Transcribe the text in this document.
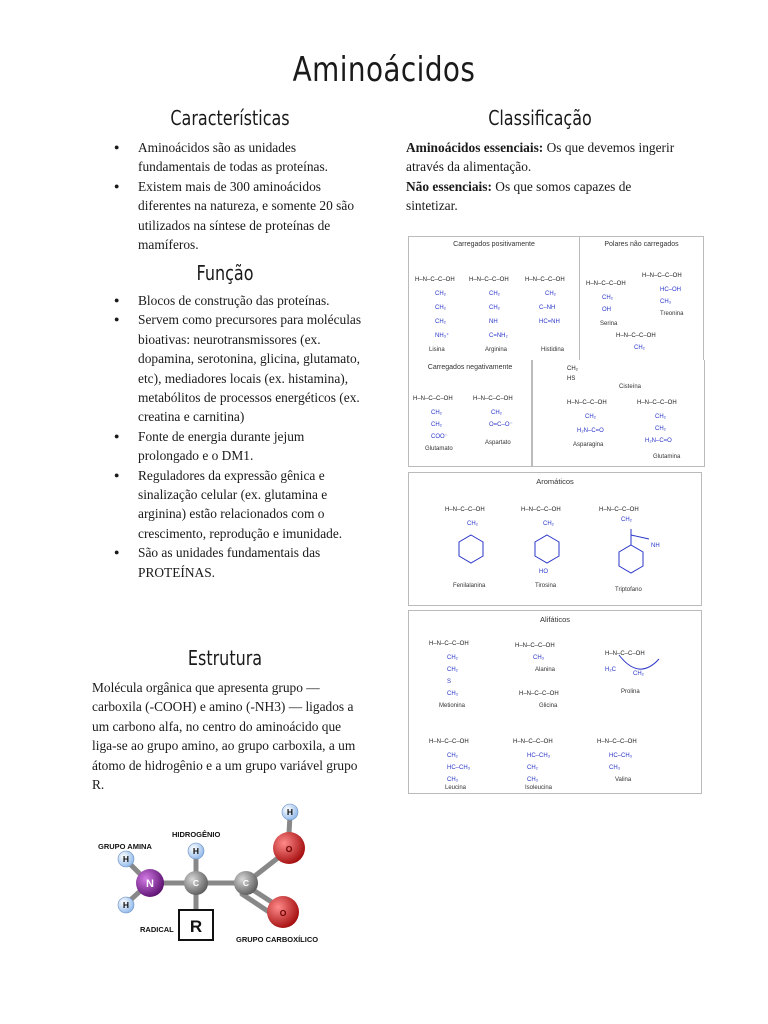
Aminoácidos
Características
● Aminoácidos são as unidades fundamentais de todas as proteínas.
● Existem mais de 300 aminoácidos diferentes na natureza, e somente 20 são utilizados na síntese de proteínas de mamíferos.
Função
● Blocos de construção das proteínas.
● Servem como precursores para moléculas bioativas: neurotransmissores (ex. dopamina, serotonina, glicina, glutamato, etc), mediadores locais (ex. histamina), metabólitos de processos energéticos (ex. creatina e carnitina)
● Fonte de energia durante jejum prolongado e o DM1.
● Reguladores da expressão gênica e sinalização celular (ex. glutamina e arginina) estão relacionados com o crescimento, reprodução e imunidade.
● São as unidades fundamentais das PROTEÍNAS.
Estrutura
Molécula orgânica que apresenta grupo — carboxila (-COOH) e amino (-NH3) — ligados a um carbono alfa, no centro do aminoácido que liga-se ao grupo amino, ao grupo carboxila, a um átomo de hidrogênio e a um grupo variável grupo R.
H
H
N
H
C
R
C
O
O
H
GRUPO AMINA
HIDROGÊNIO
RADICAL
GRUPO CARBOXÍLICO
Classificação
Aminoácidos essenciais: Os que devemos ingerir através da alimentação.
Não essenciais: Os que somos capazes de sintetizar.
Carregados positivamente
H–N–C–C–OH H–N–C–C–OH	H–N–C–C–OH
CH₂
CH₂
CH₂
NH₃⁺
CH₂
CH₂
NH
C=NH₂
CH₂
C–NH
HC=NH
Lisina	Arginina	Histidina
Polares não carregados
H–N–C–C–OH
H–N–C–C–OH
H–N–C–C–OH
CH₂
OH
HC–OH
CH₃
CH₂
Serina
Treonina
Carregados negativamente
H–N–C–C–OH	H–N–C–C–OH
CH₂
CH₂
COO⁻
CH₂
O=C–O⁻
Glutamato
Aspartato
CH₂
HS
H–N–C–C–OH	H–N–C–C–OH
CH₂
H₂N–C=O
CH₂
CH₂
H₂N–C=O
Cisteína
Asparagina
Glutamina
Aromáticos
H–N–C–C–OH	H–N–C–C–OH	H–N–C–C–OH
CH₂	CH₂
CH₂
NH
HO
Fenilalanina	Tirosina
Triptofano
Alifáticos
H–N–C–C–OH	H–N–C–C–OH
H–N–C–C–OH
H–N–C–C–OH
H–N–C–C–OH	H–N–C–C–OH	H–N–C–C–OH
CH₂
CH₂
S
CH₃
CH₃
H₂C
CH₂
CH₂
HC–CH₃
CH₃
HC–CH₃
CH₂
CH₃
HC–CH₃
CH₃
Metionina
Alanina
Prolina
Glicina
Leucina	Isoleucina
Valina
